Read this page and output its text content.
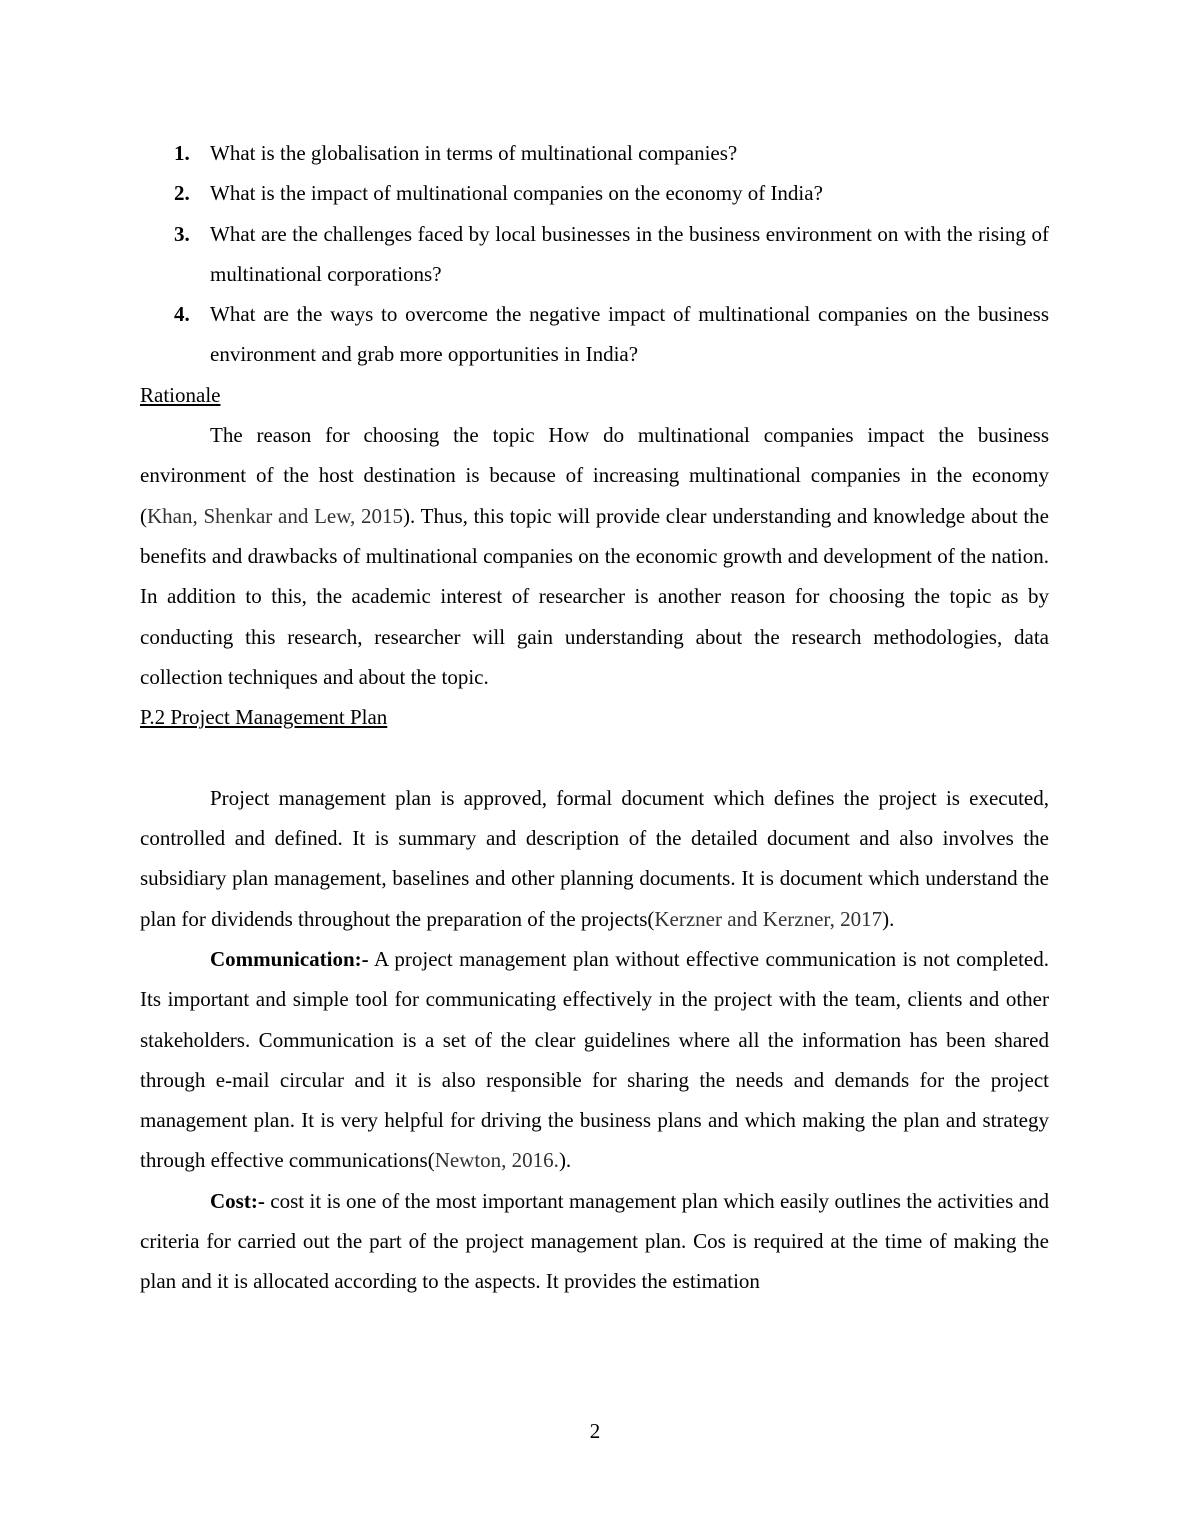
1. What is the globalisation in terms of multinational companies?
2. What is the impact of multinational companies on the economy of India?
3. What are the challenges faced by local businesses in the business environment on with the rising of multinational corporations?
4. What are the ways to overcome the negative impact of multinational companies on the business environment and grab more opportunities in India?
Rationale

The reason for choosing the topic How do multinational companies impact the business environment of the host destination is because of increasing multinational companies in the economy (Khan, Shenkar and Lew, 2015). Thus, this topic will provide clear understanding and knowledge about the benefits and drawbacks of multinational companies on the economic growth and development of the nation. In addition to this, the academic interest of researcher is another reason for choosing the topic as by conducting this research, researcher will gain understanding about the research methodologies, data collection techniques and about the topic.

P.2 Project Management Plan

Project management plan is approved, formal document which defines the project is executed, controlled and defined. It is summary and description of the detailed document and also involves the subsidiary plan management, baselines and other planning documents. It is document which understand the plan for dividends throughout the preparation of the projects(Kerzner and Kerzner, 2017).

Communication:- A project management plan without effective communication is not completed. Its important and simple tool for communicating effectively in the project with the team, clients and other stakeholders. Communication is a set of the clear guidelines where all the information has been shared through e-mail circular and it is also responsible for sharing the needs and demands for the project management plan. It is very helpful for driving the business plans and which making the plan and strategy through effective communications(Newton, 2016.).

Cost:- cost it is one of the most important management plan which easily outlines the activities and criteria for carried out the part of the project management plan. Cos is required at the time of making the plan and it is allocated according to the aspects. It provides the estimation

2
